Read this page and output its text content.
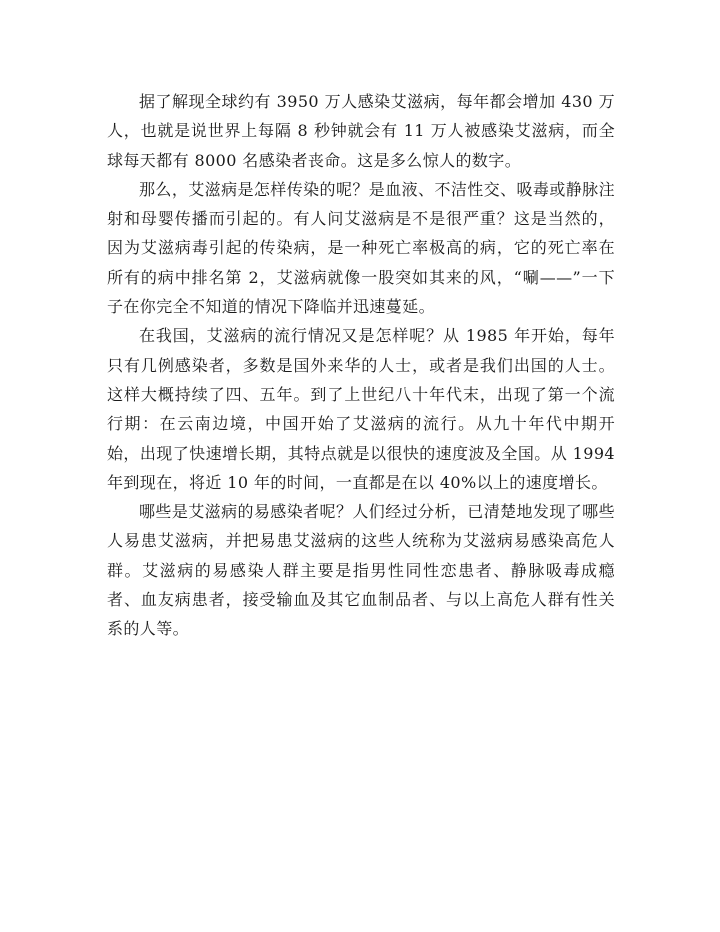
据了解现全球约有 3950 万人感染艾滋病，每年都会增加 430 万人，也就是说世界上每隔 8 秒钟就会有 11 万人被感染艾滋病，而全球每天都有 8000 名感染者丧命。这是多么惊人的数字。

那么，艾滋病是怎样传染的呢？是血液、不洁性交、吸毒或静脉注射和母婴传播而引起的。有人问艾滋病是不是很严重？这是当然的，因为艾滋病毒引起的传染病，是一种死亡率极高的病，它的死亡率在所有的病中排名第 2，艾滋病就像一股突如其来的风，“唰——”一下子在你完全不知道的情况下降临并迅速蔓延。

在我国，艾滋病的流行情况又是怎样呢？从 1985 年开始，每年只有几例感染者，多数是国外来华的人士，或者是我们出国的人士。这样大概持续了四、五年。到了上世纪八十年代末，出现了第一个流行期：在云南边境，中国开始了艾滋病的流行。从九十年代中期开始，出现了快速增长期，其特点就是以很快的速度波及全国。从 1994 年到现在，将近 10 年的时间，一直都是在以 40%以上的速度增长。

哪些是艾滋病的易感染者呢？人们经过分析，已清楚地发现了哪些人易患艾滋病，并把易患艾滋病的这些人统称为艾滋病易感染高危人群。艾滋病的易感染人群主要是指男性同性恋患者、静脉吸毒成瘾者、血友病患者，接受输血及其它血制品者、与以上高危人群有性关系的人等。
